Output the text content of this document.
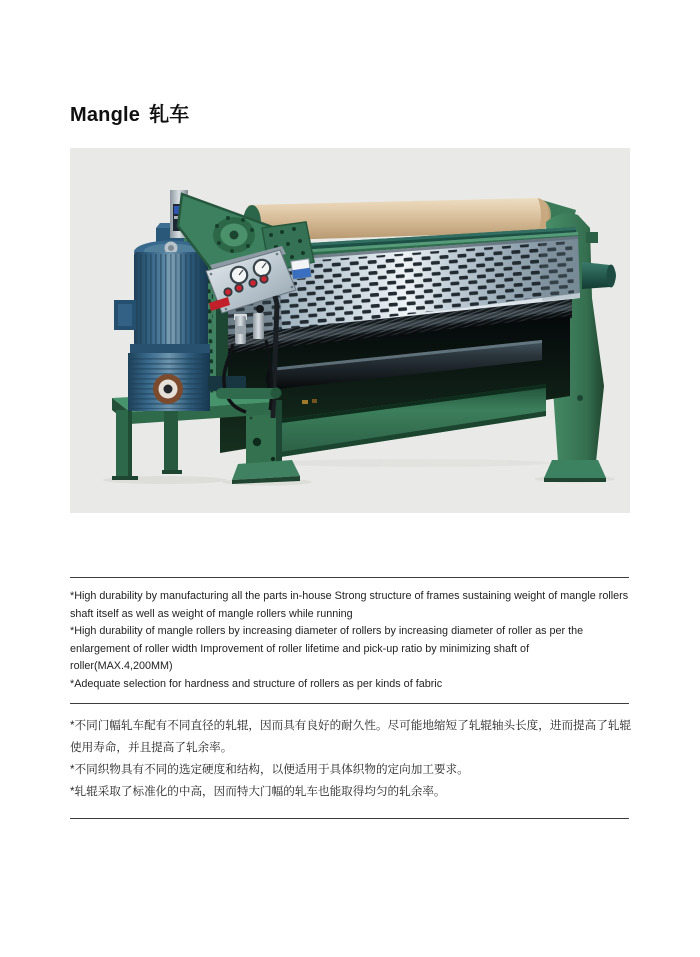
Mangle 轧车
*High durability by manufacturing all the parts in-house Strong structure of frames sustaining weight of mangle rollers shaft itself as well as weight of mangle rollers while running
*High durability of mangle rollers by increasing diameter of rollers by increasing diameter of roller as per the enlargement of roller width Improvement of roller lifetime and pick-up ratio by minimizing shaft of roller(MAX.4,200MM)
*Adequate selection for hardness and structure of rollers as per kinds of fabric
*不同门幅轧车配有不同直径的轧辊，因而具有良好的耐久性。尽可能地缩短了轧辊轴头长度，进而提高了轧辊使用寿命，并且提高了轧余率。
*不同织物具有不同的选定硬度和结构，以便适用于具体织物的定向加工要求。
*轧辊采取了标准化的中高，因而特大门幅的轧车也能取得均匀的轧余率。
